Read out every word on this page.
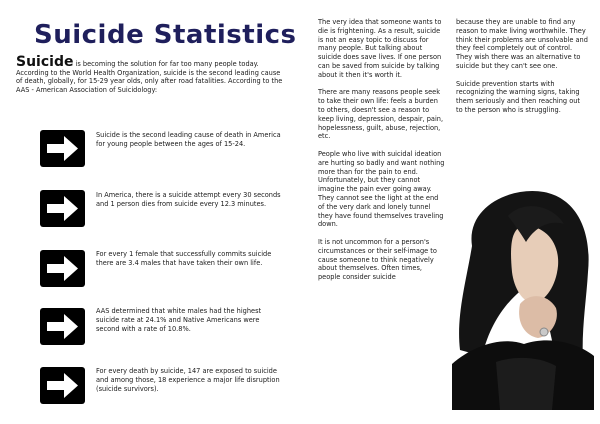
Suicide Statistics
Suicide is becoming the solution for far too many people today. According to the World Health Organization, suicide is the second leading cause of death, globally, for 15-29 year olds, only after road fatalities. According to the AAS - American Association of Suicidology:
Suicide is the second leading cause of death in America for young people between the ages of 15-24.
In America, there is a suicide attempt every 30 seconds and 1 person dies from suicide every 12.3 minutes.
For every 1 female that successfully commits suicide there are 3.4 males that have taken their own life.
AAS determined that white males had the highest suicide rate at 24.1% and Native Americans were second with a rate of 10.8%.
For every death by suicide, 147 are exposed to suicide and among those, 18 experience a major life disruption (suicide survivors).

The very idea that someone wants to die is frightening. As a result, suicide is not an easy topic to discuss for many people. But talking about suicide does save lives. If one person can be saved from suicide by talking about it then it's worth it.

There are many reasons people seek to take their own life: feels a burden to others, doesn't see a reason to keep living, depression, despair, pain, hopelessness, guilt, abuse, rejection, etc.

People who live with suicidal ideation are hurting so badly and want nothing more than for the pain to end. Unfortunately, but they cannot imagine the pain ever going away. They cannot see the light at the end of the very dark and lonely tunnel they have found themselves traveling down.

It is not uncommon for a person's circumstances or their self-image to cause someone to think negatively about themselves. Often times, people consider suicide

because they are unable to find any reason to make living worthwhile. They think their problems are unsolvable and they feel completely out of control. They wish there was an alternative to suicide but they can't see one.

Suicide prevention starts with recognizing the warning signs, taking them seriously and then reaching out to the person who is struggling.
